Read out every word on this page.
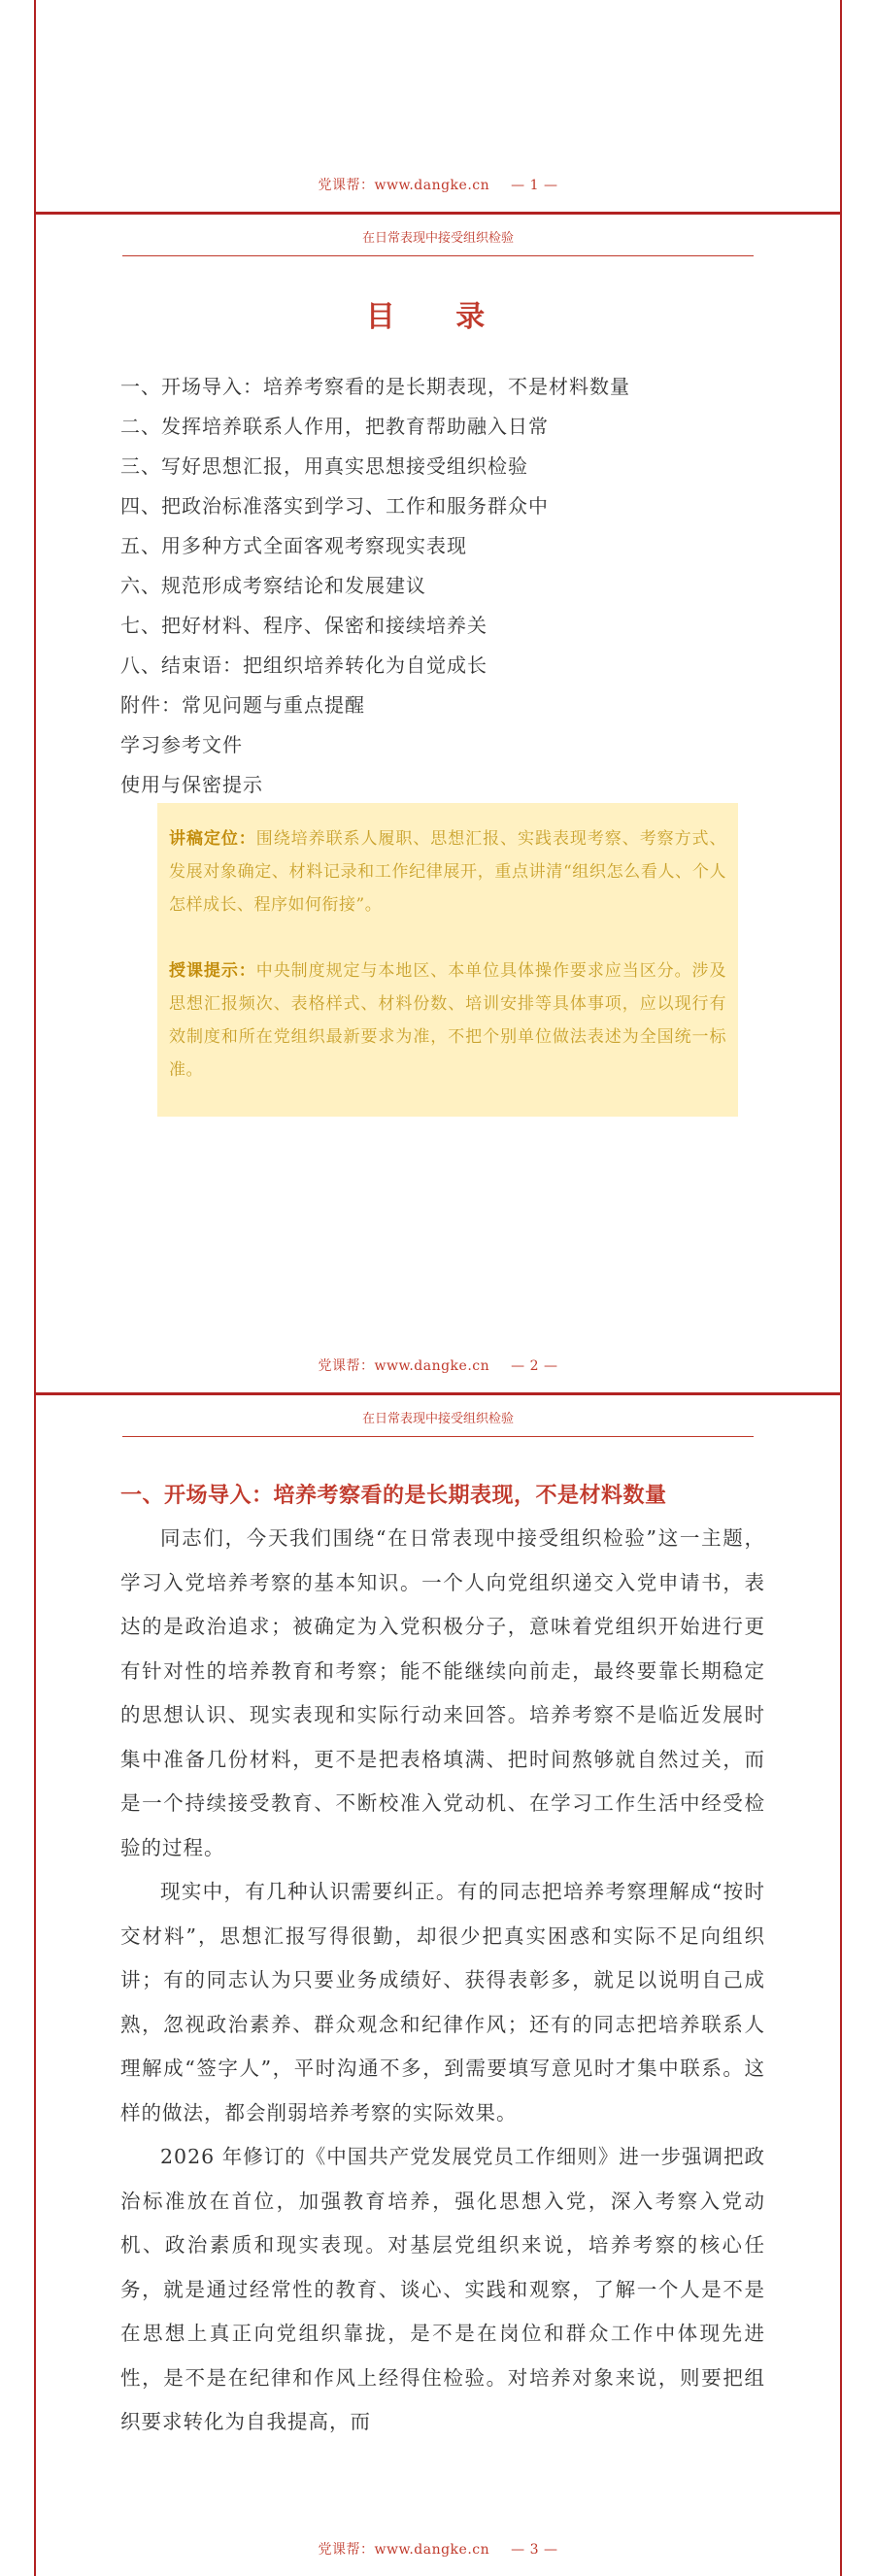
党课帮：www.dangke.cn — 1 —
在日常表现中接受组织检验
目 录
一、开场导入：培养考察看的是长期表现，不是材料数量
二、发挥培养联系人作用，把教育帮助融入日常
三、写好思想汇报，用真实思想接受组织检验
四、把政治标准落实到学习、工作和服务群众中
五、用多种方式全面客观考察现实表现
六、规范形成考察结论和发展建议
七、把好材料、程序、保密和接续培养关
八、结束语：把组织培养转化为自觉成长
附件：常见问题与重点提醒
学习参考文件
使用与保密提示

讲稿定位：围绕培养联系人履职、思想汇报、实践表现考察、考察方式、发展对象确定、材料记录和工作纪律展开，重点讲清“组织怎么看人、个人怎样成长、程序如何衔接”。

授课提示：中央制度规定与本地区、本单位具体操作要求应当区分。涉及思想汇报频次、表格样式、材料份数、培训安排等具体事项，应以现行有效制度和所在党组织最新要求为准，不把个别单位做法表述为全国统一标准。

党课帮：www.dangke.cn — 2 —
在日常表现中接受组织检验
一、开场导入：培养考察看的是长期表现，不是材料数量

同志们，今天我们围绕“在日常表现中接受组织检验”这一主题，学习入党培养考察的基本知识。一个人向党组织递交入党申请书，表达的是政治追求；被确定为入党积极分子，意味着党组织开始进行更有针对性的培养教育和考察；能不能继续向前走，最终要靠长期稳定的思想认识、现实表现和实际行动来回答。培养考察不是临近发展时集中准备几份材料，更不是把表格填满、把时间熬够就自然过关，而是一个持续接受教育、不断校准入党动机、在学习工作生活中经受检验的过程。

现实中，有几种认识需要纠正。有的同志把培养考察理解成“按时交材料”，思想汇报写得很勤，却很少把真实困惑和实际不足向组织讲；有的同志认为只要业务成绩好、获得表彰多，就足以说明自己成熟，忽视政治素养、群众观念和纪律作风；还有的同志把培养联系人理解成“签字人”，平时沟通不多，到需要填写意见时才集中联系。这样的做法，都会削弱培养考察的实际效果。

2026 年修订的《中国共产党发展党员工作细则》进一步强调把政治标准放在首位，加强教育培养，强化思想入党，深入考察入党动机、政治素质和现实表现。对基层党组织来说，培养考察的核心任务，就是通过经常性的教育、谈心、实践和观察，了解一个人是不是在思想上真正向党组织靠拢，是不是在岗位和群众工作中体现先进性，是不是在纪律和作风上经得住检验。对培养对象来说，则要把组织要求转化为自我提高，而

党课帮：www.dangke.cn — 3 —
